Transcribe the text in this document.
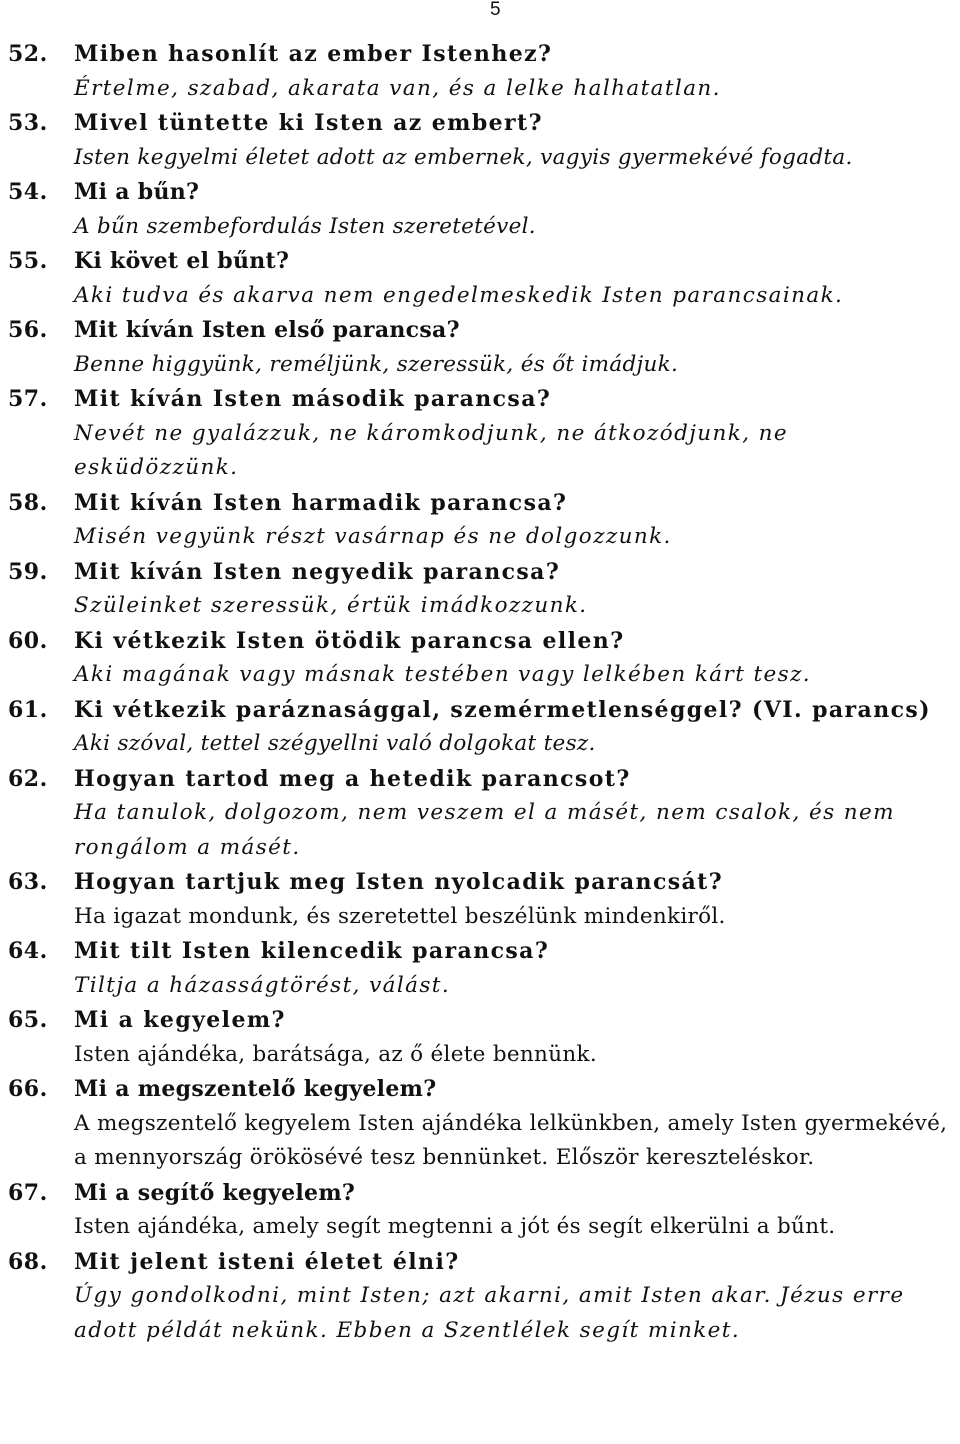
5
52.	Miben hasonlít az ember Istenhez?
Értelme, szabad, akarata van, és a lelke halhatatlan.
53.	Mivel tüntette ki Isten az embert?
Isten kegyelmi életet adott az embernek, vagyis gyermekévé fogadta.
54.	Mi a bűn?
A bűn szembefordulás Isten szeretetével.
55.	Ki követ el bűnt?
Aki tudva és akarva nem engedelmeskedik Isten parancsainak.
56.	Mit kíván Isten első parancsa?
Benne higgyünk, reméljünk, szeressük, és őt imádjuk.
57.	Mit kíván Isten második parancsa?
Nevét ne gyalázzuk, ne káromkodjunk, ne átkozódjunk, ne esküdözzünk.
58.	Mit kíván Isten harmadik parancsa?
Misén vegyünk részt vasárnap és ne dolgozzunk.
59.	Mit kíván Isten negyedik parancsa?
Szüleinket szeressük, értük imádkozzunk.
60.	Ki vétkezik Isten ötödik parancsa ellen?
Aki magának vagy másnak testében vagy lelkében kárt tesz.
61.	Ki vétkezik paráznasággal, szemérmetlenséggel? (VI. parancs)
Aki szóval, tettel szégyellni való dolgokat tesz.
62.	Hogyan tartod meg a hetedik parancsot?
Ha tanulok, dolgozom, nem veszem el a másét, nem csalok, és nem rongálom a másét.
63.	Hogyan tartjuk meg Isten nyolcadik parancsát?
Ha igazat mondunk, és szeretettel beszélünk mindenkiről.
64.	Mit tilt Isten kilencedik parancsa?
Tiltja a házasságtörést, válást.
65.	Mi a kegyelem?
Isten ajándéka, barátsága, az ő élete bennünk.
66.	Mi a megszentelő kegyelem?
A megszentelő kegyelem Isten ajándéka lelkünkben, amely Isten gyermekévé, a mennyország örökösévé tesz bennünket. Először kereszteléskor.
67.	Mi a segítő kegyelem?
Isten ajándéka, amely segít megtenni a jót és segít elkerülni a bűnt.
68.	Mit jelent isteni életet élni?
Úgy gondolkodni, mint Isten; azt akarni, amit Isten akar. Jézus erre adott példát nekünk. Ebben a Szentlélek segít minket.
